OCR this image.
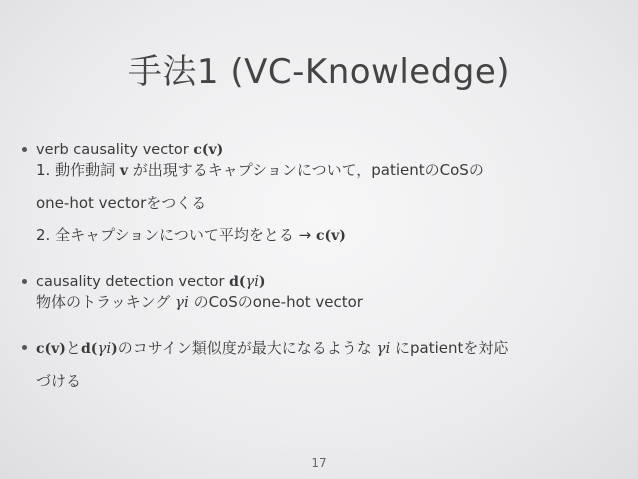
手法1 (VC-Knowledge)
verb causality vector c(v)
1. 動作動詞 v が出現するキャプションについて，patientのCoSの
one-hot vectorをつくる
2. 全キャプションについて平均をとる → c(v)
causality detection vector d(γi)
物体のトラッキング γi のCoSのone-hot vector
c(v)とd(γi)のコサイン類似度が最大になるような γi にpatientを対応
づける
17
